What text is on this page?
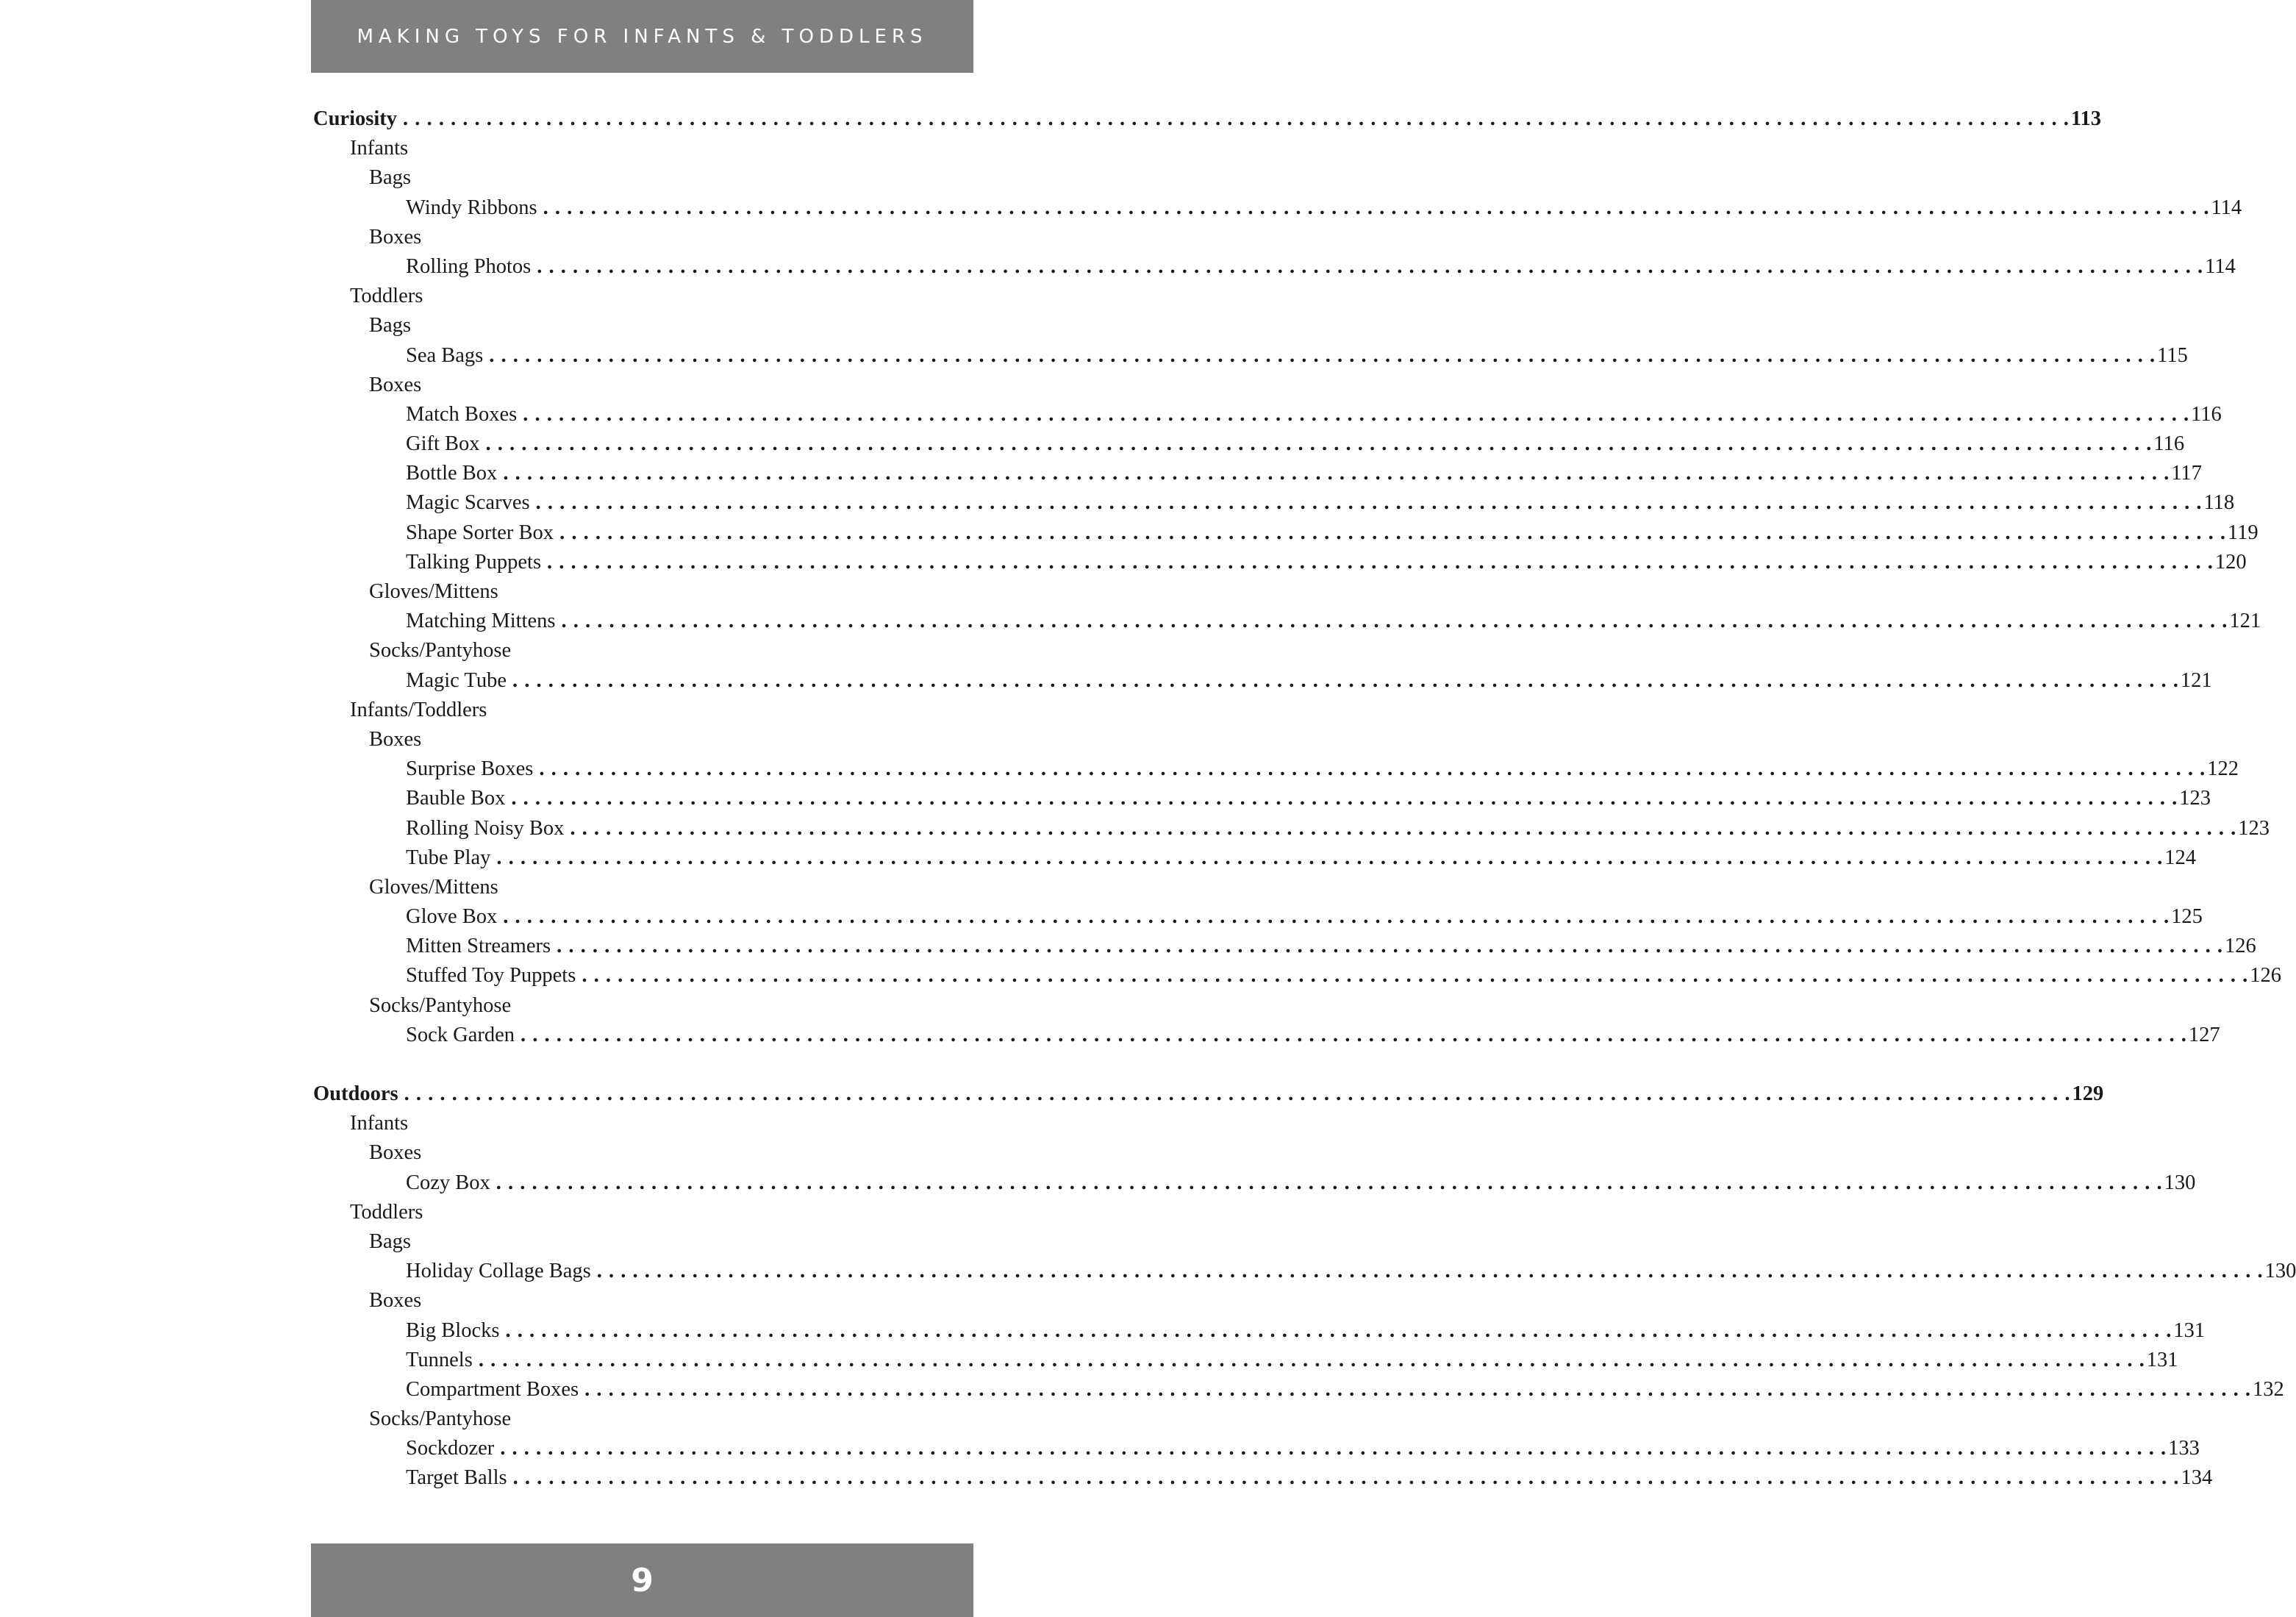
MAKING TOYS FOR INFANTS & TODDLERS
Curiosity . . . . . . . . . . . . . . . . . . . . . . . . . . . . . . . . . . . . . . . . . . . . . . . . . . . . . . . . . . . . . . . . . . . . . . . . . . . . . . . . . . . . . . . . . . . . . . . . . . . . . . . . . . . . . . . . . . . . . . . . . . . . . . . . . . . . . . . . . . . . 113
Infants
Bags
Windy Ribbons . . . . . . . . . . . . . . . . . . . . . . . . . . . . . . . . . . . . . . . . . . . . . . . . . . . . . . . . . . . . . . . . . . . . . . . . . . . . . . . . . . . . . . . . . . . . . . . . . . . . . . . . . . . . . . . . . . . . . . . . . . . . . . . . . . . . . . . . . . . . 114
Boxes
Rolling Photos . . . . . . . . . . . . . . . . . . . . . . . . . . . . . . . . . . . . . . . . . . . . . . . . . . . . . . . . . . . . . . . . . . . . . . . . . . . . . . . . . . . . . . . . . . . . . . . . . . . . . . . . . . . . . . . . . . . . . . . . . . . . . . . . . . . . . . . . . . . . 114
Toddlers
Bags
Sea Bags . . . . . . . . . . . . . . . . . . . . . . . . . . . . . . . . . . . . . . . . . . . . . . . . . . . . . . . . . . . . . . . . . . . . . . . . . . . . . . . . . . . . . . . . . . . . . . . . . . . . . . . . . . . . . . . . . . . . . . . . . . . . . . . . . . . . . . . . . . . . 115
Boxes
Match Boxes . . . . . . . . . . . . . . . . . . . . . . . . . . . . . . . . . . . . . . . . . . . . . . . . . . . . . . . . . . . . . . . . . . . . . . . . . . . . . . . . . . . . . . . . . . . . . . . . . . . . . . . . . . . . . . . . . . . . . . . . . . . . . . . . . . . . . . . . . . . . 116
Gift Box . . . . . . . . . . . . . . . . . . . . . . . . . . . . . . . . . . . . . . . . . . . . . . . . . . . . . . . . . . . . . . . . . . . . . . . . . . . . . . . . . . . . . . . . . . . . . . . . . . . . . . . . . . . . . . . . . . . . . . . . . . . . . . . . . . . . . . . . . . . . 116
Bottle Box . . . . . . . . . . . . . . . . . . . . . . . . . . . . . . . . . . . . . . . . . . . . . . . . . . . . . . . . . . . . . . . . . . . . . . . . . . . . . . . . . . . . . . . . . . . . . . . . . . . . . . . . . . . . . . . . . . . . . . . . . . . . . . . . . . . . . . . . . . . . 117
Magic Scarves . . . . . . . . . . . . . . . . . . . . . . . . . . . . . . . . . . . . . . . . . . . . . . . . . . . . . . . . . . . . . . . . . . . . . . . . . . . . . . . . . . . . . . . . . . . . . . . . . . . . . . . . . . . . . . . . . . . . . . . . . . . . . . . . . . . . . . . . . . . . 118
Shape Sorter Box . . . . . . . . . . . . . . . . . . . . . . . . . . . . . . . . . . . . . . . . . . . . . . . . . . . . . . . . . . . . . . . . . . . . . . . . . . . . . . . . . . . . . . . . . . . . . . . . . . . . . . . . . . . . . . . . . . . . . . . . . . . . . . . . . . . . . . . . . . . . 119
Talking Puppets . . . . . . . . . . . . . . . . . . . . . . . . . . . . . . . . . . . . . . . . . . . . . . . . . . . . . . . . . . . . . . . . . . . . . . . . . . . . . . . . . . . . . . . . . . . . . . . . . . . . . . . . . . . . . . . . . . . . . . . . . . . . . . . . . . . . . . . . . . . . 120
Gloves/Mittens
Matching Mittens . . . . . . . . . . . . . . . . . . . . . . . . . . . . . . . . . . . . . . . . . . . . . . . . . . . . . . . . . . . . . . . . . . . . . . . . . . . . . . . . . . . . . . . . . . . . . . . . . . . . . . . . . . . . . . . . . . . . . . . . . . . . . . . . . . . . . . . . . . . . 121
Socks/Pantyhose
Magic Tube . . . . . . . . . . . . . . . . . . . . . . . . . . . . . . . . . . . . . . . . . . . . . . . . . . . . . . . . . . . . . . . . . . . . . . . . . . . . . . . . . . . . . . . . . . . . . . . . . . . . . . . . . . . . . . . . . . . . . . . . . . . . . . . . . . . . . . . . . . . . 121
Infants/Toddlers
Boxes
Surprise Boxes . . . . . . . . . . . . . . . . . . . . . . . . . . . . . . . . . . . . . . . . . . . . . . . . . . . . . . . . . . . . . . . . . . . . . . . . . . . . . . . . . . . . . . . . . . . . . . . . . . . . . . . . . . . . . . . . . . . . . . . . . . . . . . . . . . . . . . . . . . . . 122
Bauble Box . . . . . . . . . . . . . . . . . . . . . . . . . . . . . . . . . . . . . . . . . . . . . . . . . . . . . . . . . . . . . . . . . . . . . . . . . . . . . . . . . . . . . . . . . . . . . . . . . . . . . . . . . . . . . . . . . . . . . . . . . . . . . . . . . . . . . . . . . . . . 123
Rolling Noisy Box . . . . . . . . . . . . . . . . . . . . . . . . . . . . . . . . . . . . . . . . . . . . . . . . . . . . . . . . . . . . . . . . . . . . . . . . . . . . . . . . . . . . . . . . . . . . . . . . . . . . . . . . . . . . . . . . . . . . . . . . . . . . . . . . . . . . . . . . . . . . 123
Tube Play . . . . . . . . . . . . . . . . . . . . . . . . . . . . . . . . . . . . . . . . . . . . . . . . . . . . . . . . . . . . . . . . . . . . . . . . . . . . . . . . . . . . . . . . . . . . . . . . . . . . . . . . . . . . . . . . . . . . . . . . . . . . . . . . . . . . . . . . . . . . 124
Gloves/Mittens
Glove Box . . . . . . . . . . . . . . . . . . . . . . . . . . . . . . . . . . . . . . . . . . . . . . . . . . . . . . . . . . . . . . . . . . . . . . . . . . . . . . . . . . . . . . . . . . . . . . . . . . . . . . . . . . . . . . . . . . . . . . . . . . . . . . . . . . . . . . . . . . . . 125
Mitten Streamers . . . . . . . . . . . . . . . . . . . . . . . . . . . . . . . . . . . . . . . . . . . . . . . . . . . . . . . . . . . . . . . . . . . . . . . . . . . . . . . . . . . . . . . . . . . . . . . . . . . . . . . . . . . . . . . . . . . . . . . . . . . . . . . . . . . . . . . . . . . . 126
Stuffed Toy Puppets . . . . . . . . . . . . . . . . . . . . . . . . . . . . . . . . . . . . . . . . . . . . . . . . . . . . . . . . . . . . . . . . . . . . . . . . . . . . . . . . . . . . . . . . . . . . . . . . . . . . . . . . . . . . . . . . . . . . . . . . . . . . . . . . . . . . . . . . . . . . 126
Socks/Pantyhose
Sock Garden . . . . . . . . . . . . . . . . . . . . . . . . . . . . . . . . . . . . . . . . . . . . . . . . . . . . . . . . . . . . . . . . . . . . . . . . . . . . . . . . . . . . . . . . . . . . . . . . . . . . . . . . . . . . . . . . . . . . . . . . . . . . . . . . . . . . . . . . . . . . 127
Outdoors . . . . . . . . . . . . . . . . . . . . . . . . . . . . . . . . . . . . . . . . . . . . . . . . . . . . . . . . . . . . . . . . . . . . . . . . . . . . . . . . . . . . . . . . . . . . . . . . . . . . . . . . . . . . . . . . . . . . . . . . . . . . . . . . . . . . . . . . . . . . 129
Infants
Boxes
Cozy Box . . . . . . . . . . . . . . . . . . . . . . . . . . . . . . . . . . . . . . . . . . . . . . . . . . . . . . . . . . . . . . . . . . . . . . . . . . . . . . . . . . . . . . . . . . . . . . . . . . . . . . . . . . . . . . . . . . . . . . . . . . . . . . . . . . . . . . . . . . . . 130
Toddlers
Bags
Holiday Collage Bags . . . . . . . . . . . . . . . . . . . . . . . . . . . . . . . . . . . . . . . . . . . . . . . . . . . . . . . . . . . . . . . . . . . . . . . . . . . . . . . . . . . . . . . . . . . . . . . . . . . . . . . . . . . . . . . . . . . . . . . . . . . . . . . . . . . . . . . . . . . . 130
Boxes
Big Blocks . . . . . . . . . . . . . . . . . . . . . . . . . . . . . . . . . . . . . . . . . . . . . . . . . . . . . . . . . . . . . . . . . . . . . . . . . . . . . . . . . . . . . . . . . . . . . . . . . . . . . . . . . . . . . . . . . . . . . . . . . . . . . . . . . . . . . . . . . . . . 131
Tunnels . . . . . . . . . . . . . . . . . . . . . . . . . . . . . . . . . . . . . . . . . . . . . . . . . . . . . . . . . . . . . . . . . . . . . . . . . . . . . . . . . . . . . . . . . . . . . . . . . . . . . . . . . . . . . . . . . . . . . . . . . . . . . . . . . . . . . . . . . . . . 131
Compartment Boxes . . . . . . . . . . . . . . . . . . . . . . . . . . . . . . . . . . . . . . . . . . . . . . . . . . . . . . . . . . . . . . . . . . . . . . . . . . . . . . . . . . . . . . . . . . . . . . . . . . . . . . . . . . . . . . . . . . . . . . . . . . . . . . . . . . . . . . . . . . . . 132
Socks/Pantyhose
Sockdozer . . . . . . . . . . . . . . . . . . . . . . . . . . . . . . . . . . . . . . . . . . . . . . . . . . . . . . . . . . . . . . . . . . . . . . . . . . . . . . . . . . . . . . . . . . . . . . . . . . . . . . . . . . . . . . . . . . . . . . . . . . . . . . . . . . . . . . . . . . . . 133
Target Balls . . . . . . . . . . . . . . . . . . . . . . . . . . . . . . . . . . . . . . . . . . . . . . . . . . . . . . . . . . . . . . . . . . . . . . . . . . . . . . . . . . . . . . . . . . . . . . . . . . . . . . . . . . . . . . . . . . . . . . . . . . . . . . . . . . . . . . . . . . . . 134
9
